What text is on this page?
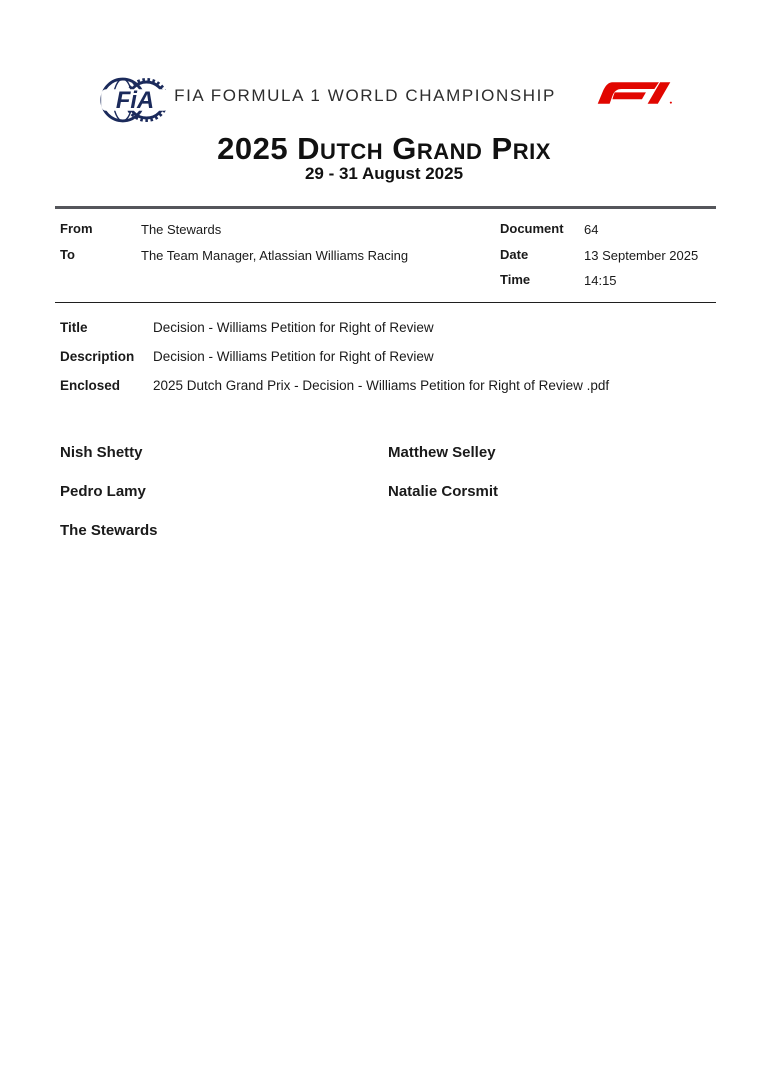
FiA FIA FORMULA 1 WORLD CHAMPIONSHIP
2025 Dutch Grand Prix
29 - 31 August 2025
From	The Stewards
To	The Team Manager, Atlassian Williams Racing
Document 64
Date	13 September 2025
Time	14:15
Title	Decision - Williams Petition for Right of Review
Description Decision - Williams Petition for Right of Review
Enclosed 2025 Dutch Grand Prix - Decision - Williams Petition for Right of Review .pdf
Nish Shetty	Matthew Selley
Pedro Lamy	Natalie Corsmit
The Stewards
